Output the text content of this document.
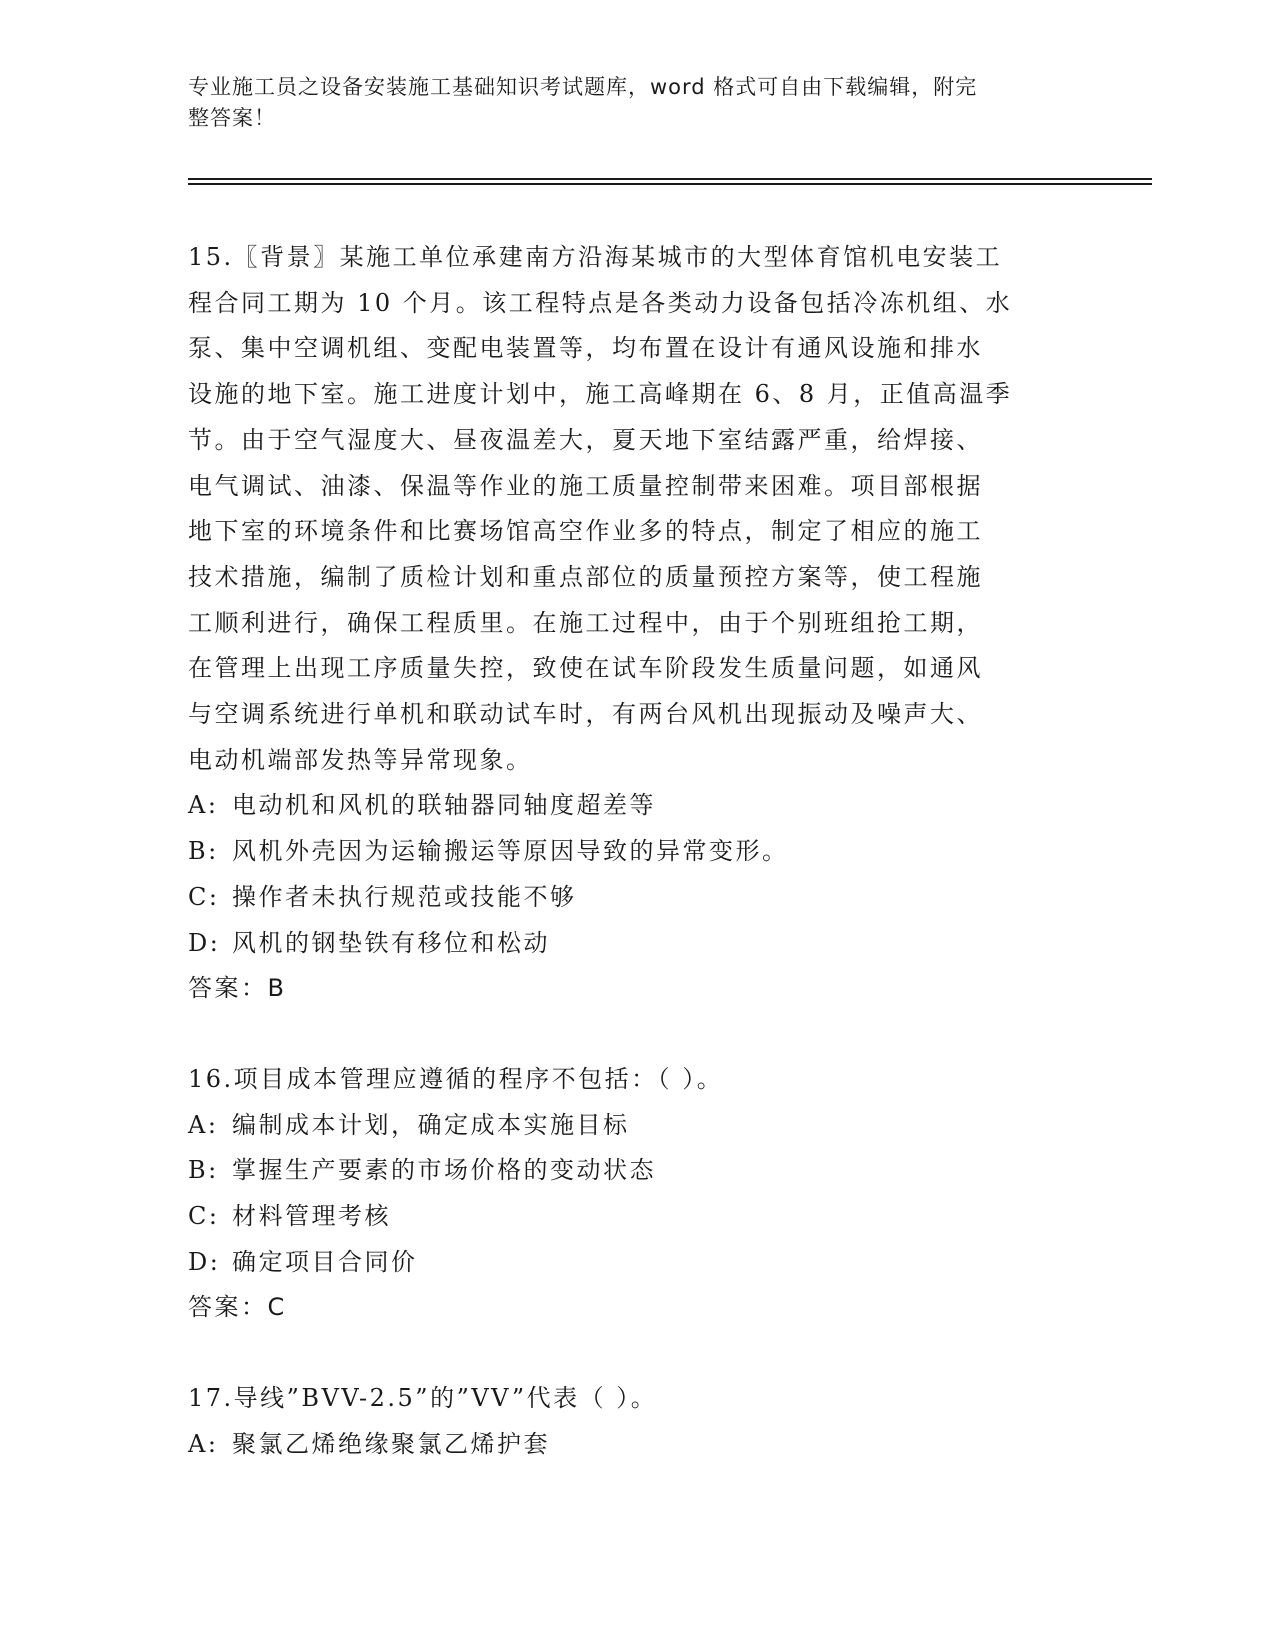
专业施工员之设备安装施工基础知识考试题库，word 格式可自由下载编辑，附完
整答案！

15.〖背景〗某施工单位承建南方沿海某城市的大型体育馆机电安装工

程合同工期为 10 个月。该工程特点是各类动力设备包括冷冻机组、水

泵、集中空调机组、变配电装置等，均布置在设计有通风设施和排水

设施的地下室。施工进度计划中，施工高峰期在 6、8 月，正值高温季

节。由于空气湿度大、昼夜温差大，夏天地下室结露严重，给焊接、

电气调试、油漆、保温等作业的施工质量控制带来困难。项目部根据

地下室的环境条件和比赛场馆高空作业多的特点，制定了相应的施工

技术措施，编制了质检计划和重点部位的质量预控方案等，使工程施

工顺利进行，确保工程质里。在施工过程中，由于个别班组抢工期，

在管理上出现工序质量失控，致使在试车阶段发生质量问题，如通风

与空调系统进行单机和联动试车时，有两台风机出现振动及噪声大、

电动机端部发热等异常现象。

A: 电动机和风机的联轴器同轴度超差等

B: 风机外壳因为运输搬运等原因导致的异常变形。

C: 操作者未执行规范或技能不够

D: 风机的钢垫铁有移位和松动

答案：B

16.项目成本管理应遵循的程序不包括：（ ）。

A: 编制成本计划，确定成本实施目标

B: 掌握生产要素的市场价格的变动状态

C: 材料管理考核

D: 确定项目合同价

答案：C

17.导线”BVV-2.5”的”VV”代表（ ）。

A: 聚氯乙烯绝缘聚氯乙烯护套
